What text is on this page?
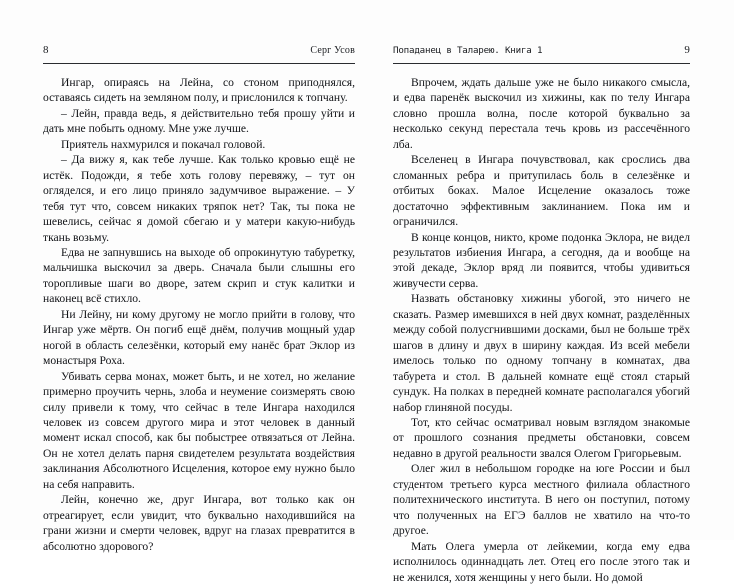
8	Серг Усов

Ингар, опираясь на Лейна, со стоном приподнялся, оставаясь сидеть на земляном полу, и прислонился к топчану.

– Лейн, правда ведь, я действительно тебя прошу уйти и дать мне побыть одному. Мне уже лучше.

Приятель нахмурился и покачал головой.

– Да вижу я, как тебе лучше. Как только кровью ещё не истёк. Подожди, я тебе хоть голову перевяжу, – тут он огляделся, и его лицо приняло задумчивое выражение. – У тебя тут что, совсем никаких тряпок нет? Так, ты пока не шевелись, сейчас я домой сбегаю и у матери какую-нибудь ткань возьму.

Едва не запнувшись на выходе об опрокинутую табуретку, мальчишка выскочил за дверь. Сначала были слышны его торопливые шаги во дворе, затем скрип и стук калитки и наконец всё стихло.

Ни Лейну, ни кому другому не могло прийти в голову, что Ингар уже мёртв. Он погиб ещё днём, получив мощный удар ногой в область селезёнки, который ему нанёс брат Эклор из монастыря Роха.

Убивать серва монах, может быть, и не хотел, но желание примерно проучить чернь, злоба и неумение соизмерять свою силу привели к тому, что сейчас в теле Ингара находился человек из совсем другого мира и этот человек в данный момент искал способ, как бы побыстрее отвязаться от Лейна. Он не хотел делать парня свидетелем результата воздействия заклинания Абсолютного Исцеления, которое ему нужно было на себя направить.

Лейн, конечно же, друг Ингара, вот только как он отреагирует, если увидит, что буквально находившийся на грани жизни и смерти человек, вдруг на глазах превратится в абсолютно здорового?

Попаданец в Таларею. Книга 1	9

Впрочем, ждать дальше уже не было никакого смысла, и едва паренёк выскочил из хижины, как по телу Ингара словно прошла волна, после которой буквально за несколько секунд перестала течь кровь из рассечённого лба.

Вселенец в Ингара почувствовал, как срослись два сломанных ребра и притупилась боль в селезёнке и отбитых боках. Малое Исцеление оказалось тоже достаточно эффективным заклинанием. Пока им и ограничился.

В конце концов, никто, кроме подонка Эклора, не видел результатов избиения Ингара, а сегодня, да и вообще на этой декаде, Эклор вряд ли появится, чтобы удивиться живучести серва.

Назвать обстановку хижины убогой, это ничего не сказать. Размер имевшихся в ней двух комнат, разделённых между собой полусгнившими досками, был не больше трёх шагов в длину и двух в ширину каждая. Из всей мебели имелось только по одному топчану в комнатах, два табурета и стол. В дальней комнате ещё стоял старый сундук. На полках в передней комнате располагался убогий набор глиняной посуды.

Тот, кто сейчас осматривал новым взглядом знакомые от прошлого сознания предметы обстановки, совсем недавно в другой реальности звался Олегом Григорьевым.

Олег жил в небольшом городке на юге России и был студентом третьего курса местного филиала областного политехнического института. В него он поступил, потому что полученных на ЕГЭ баллов не хватило на что-то другое.

Мать Олега умерла от лейкемии, когда ему едва исполнилось одиннадцать лет. Отец его после этого так и не женился, хотя женщины у него были. Но домой
